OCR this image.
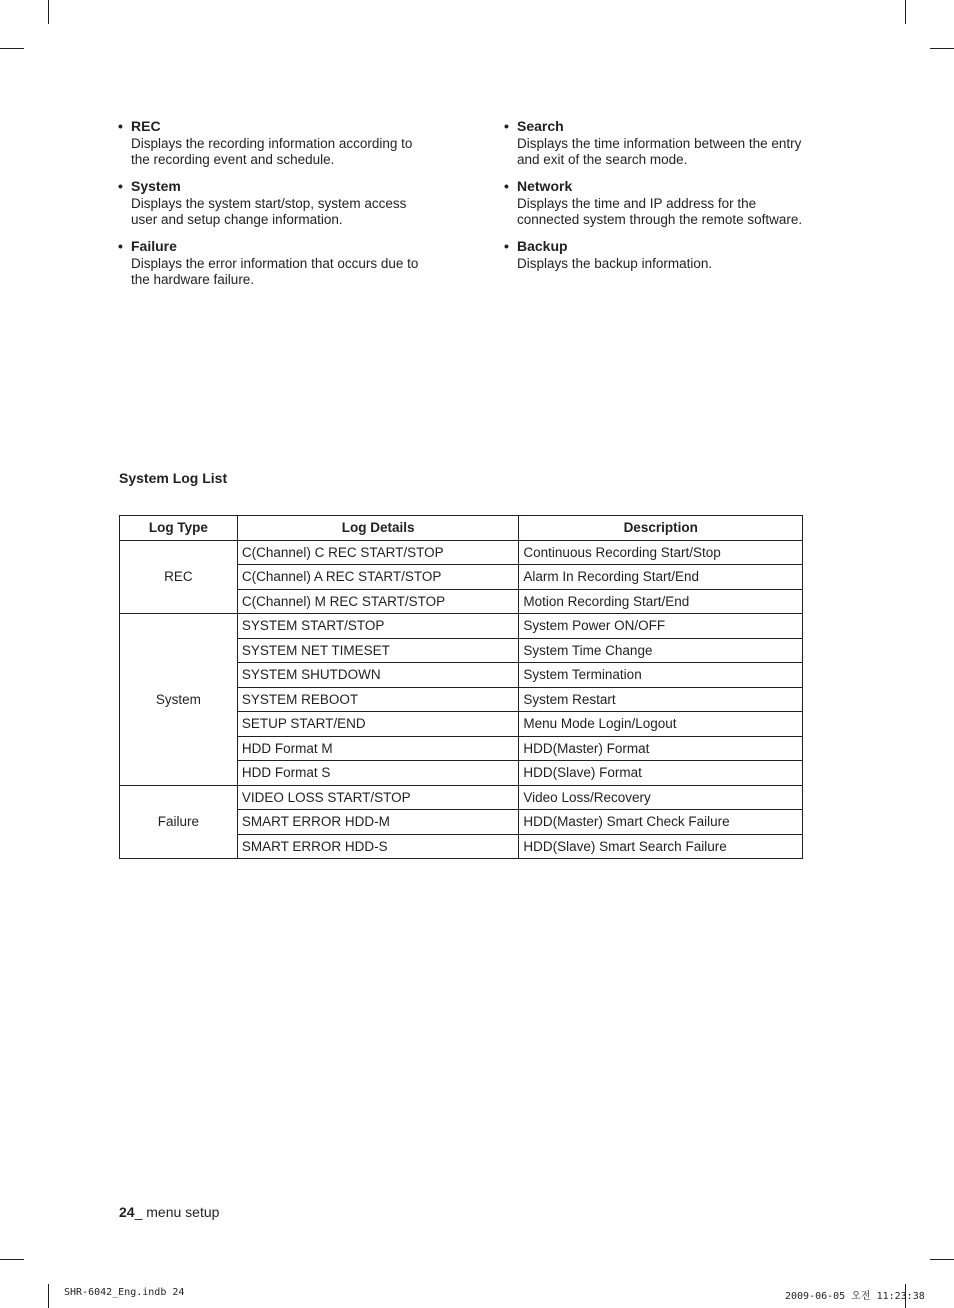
• REC
Displays the recording information according to the recording event and schedule.
• System
Displays the system start/stop, system access user and setup change information.
• Failure
Displays the error information that occurs due to the hardware failure.
• Search
Displays the time information between the entry and exit of the search mode.
• Network
Displays the time and IP address for the connected system through the remote software.
• Backup
Displays the backup information.
System Log List
Log Type	Log Details	Description
REC	C(Channel) C REC START/STOP	Continuous Recording Start/Stop
	C(Channel) A REC START/STOP	Alarm In Recording Start/End
	C(Channel) M REC START/STOP	Motion Recording Start/End
System	SYSTEM START/STOP	System Power ON/OFF
	SYSTEM NET TIMESET	System Time Change
	SYSTEM SHUTDOWN	System Termination
	SYSTEM REBOOT	System Restart
	SETUP START/END	Menu Mode Login/Logout
	HDD Format M	HDD(Master) Format
	HDD Format S	HDD(Slave) Format
Failure	VIDEO LOSS START/STOP	Video Loss/Recovery
	SMART ERROR HDD-M	HDD(Master) Smart Check Failure
	SMART ERROR HDD-S	HDD(Slave) Smart Search Failure
24_ menu setup
SHR-6042_Eng.indb 24	2009-06-05 오전 11:23:38
